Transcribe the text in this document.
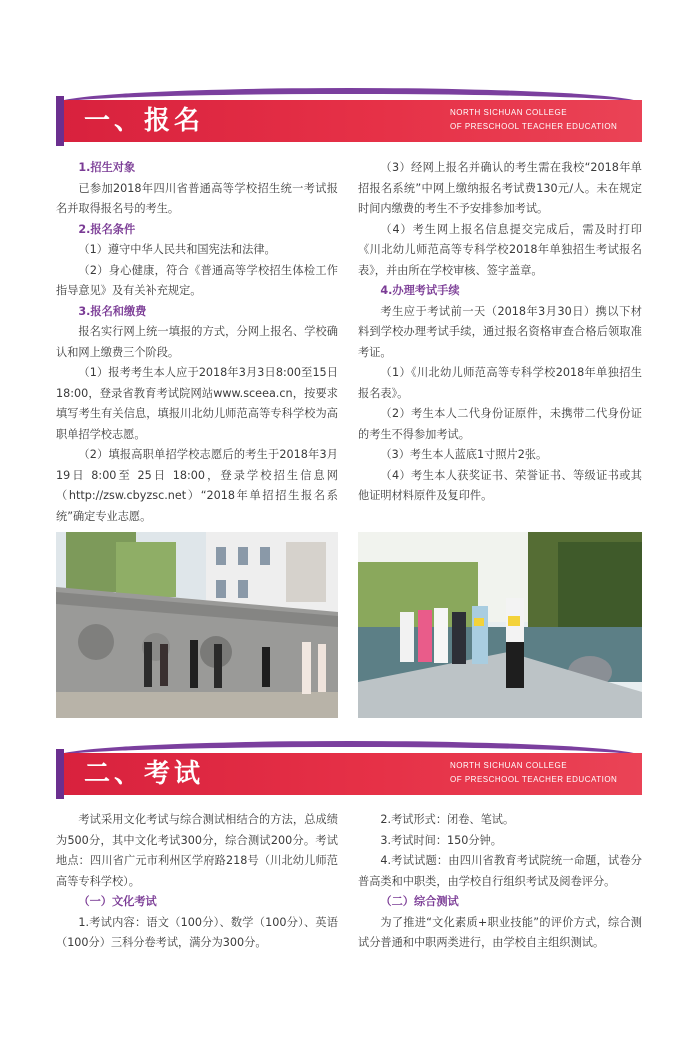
一、报名	NORTH SICHUAN COLLEGE
OF PRESCHOOL TEACHER EDUCATION

1.招生对象

已参加2018年四川省普通高等学校招生统一考试报名并取得报名号的考生。

2.报名条件

（1）遵守中华人民共和国宪法和法律。

（2）身心健康，符合《普通高等学校招生体检工作指导意见》及有关补充规定。

3.报名和缴费

报名实行网上统一填报的方式，分网上报名、学校确认和网上缴费三个阶段。

（1）报考考生本人应于2018年3月3日8:00至15日18:00，登录省教育考试院网站www.sceea.cn，按要求填写考生有关信息，填报川北幼儿师范高等专科学校为高职单招学校志愿。

（2）填报高职单招学校志愿后的考生于2018年3月19日 8:00至 25日 18:00，登录学校招生信息网（http://zsw.cbyzsc.net）“2018年单招招生报名系统”确定专业志愿。

（3）经网上报名并确认的考生需在我校“2018年单招报名系统”中网上缴纳报名考试费130元/人。未在规定时间内缴费的考生不予安排参加考试。

（4）考生网上报名信息提交完成后，需及时打印《川北幼儿师范高等专科学校2018年单独招生考试报名表》，并由所在学校审核、签字盖章。

4.办理考试手续

考生应于考试前一天（2018年3月30日）携以下材料到学校办理考试手续，通过报名资格审查合格后领取准考证。

（1）《川北幼儿师范高等专科学校2018年单独招生报名表》。

（2）考生本人二代身份证原件，未携带二代身份证的考生不得参加考试。

（3）考生本人蓝底1寸照片2张。

（4）考生本人获奖证书、荣誉证书、等级证书或其他证明材料原件及复印件。

二、考试	NORTH SICHUAN COLLEGE
OF PRESCHOOL TEACHER EDUCATION

考试采用文化考试与综合测试相结合的方法，总成绩为500分，其中文化考试300分，综合测试200分。考试地点：四川省广元市利州区学府路218号（川北幼儿师范高等专科学校）。

（一）文化考试

1.考试内容：语文（100分）、数学（100分）、英语（100分）三科分卷考试，满分为300分。

2.考试形式：闭卷、笔试。

3.考试时间：150分钟。

4.考试试题：由四川省教育考试院统一命题，试卷分普高类和中职类，由学校自行组织考试及阅卷评分。

（二）综合测试

为了推进“文化素质+职业技能”的评价方式，综合测试分普通和中职两类进行，由学校自主组织测试。
